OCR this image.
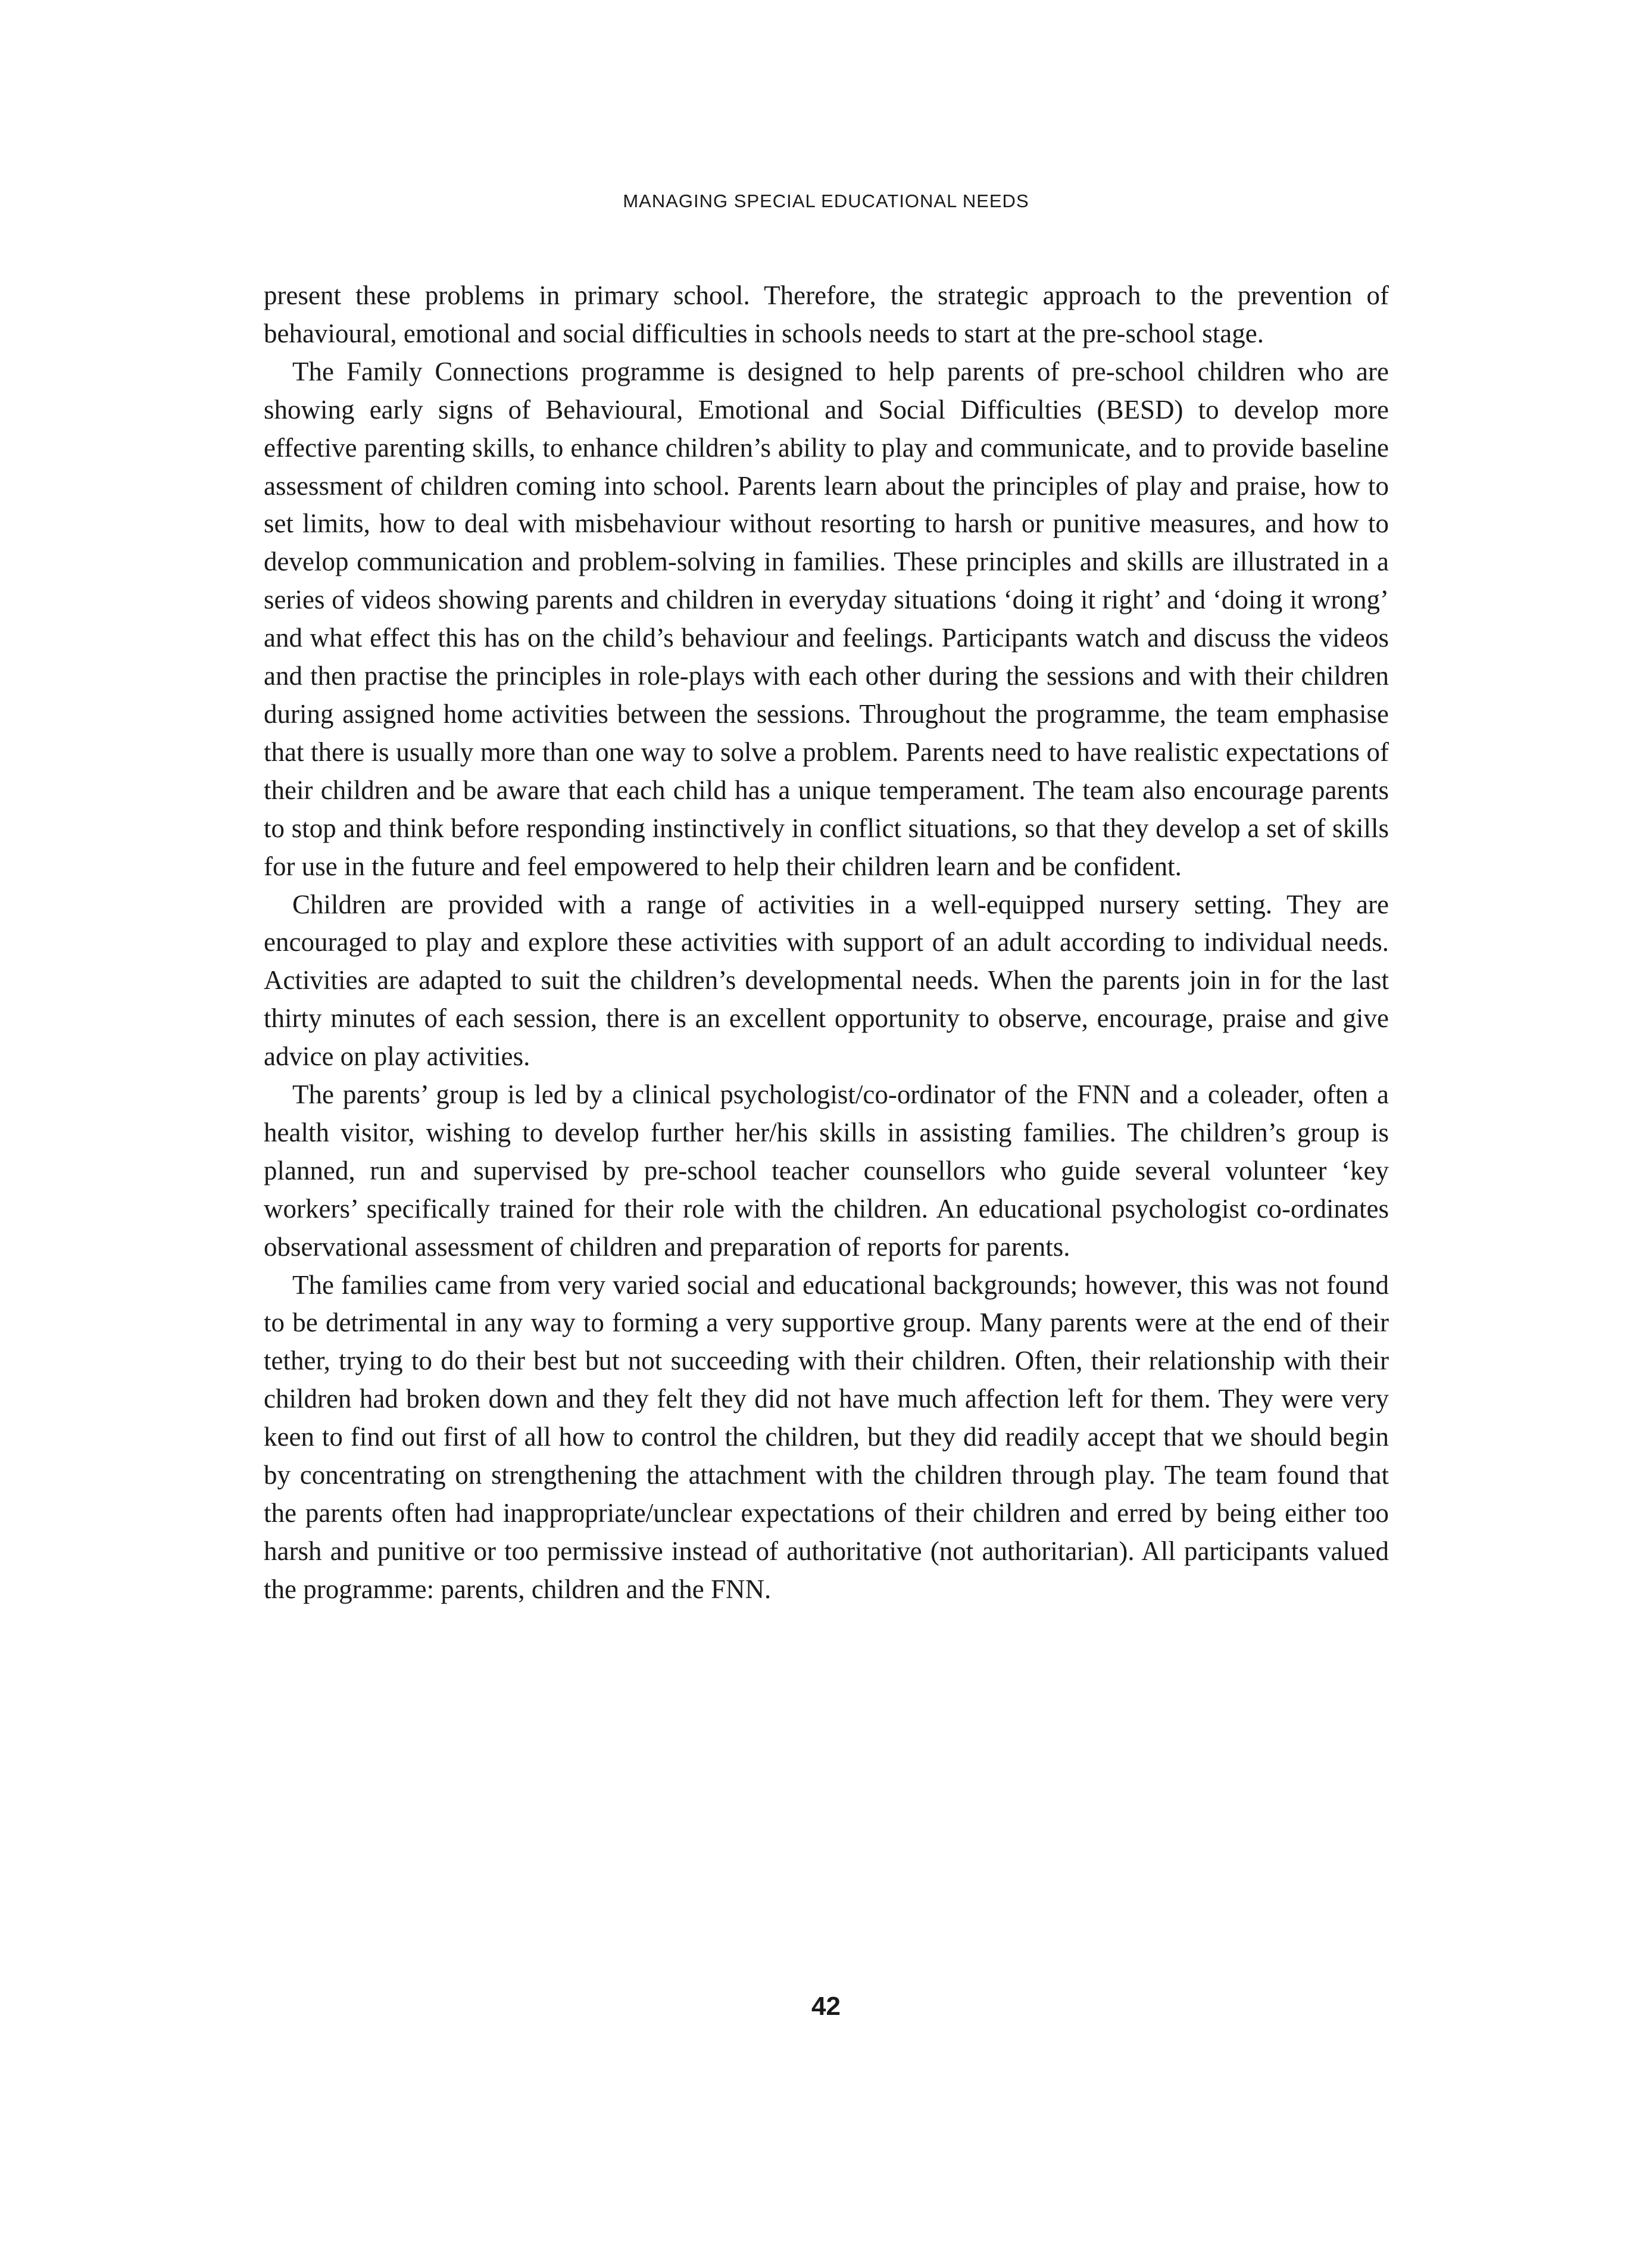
MANAGING SPECIAL EDUCATIONAL NEEDS

present these problems in primary school. Therefore, the strategic approach to the prevention of behavioural, emotional and social difficulties in schools needs to start at the pre-school stage.

The Family Connections programme is designed to help parents of pre-school children who are showing early signs of Behavioural, Emotional and Social Difficulties (BESD) to develop more effective parenting skills, to enhance children’s ability to play and communicate, and to provide baseline assessment of children coming into school. Parents learn about the principles of play and praise, how to set limits, how to deal with misbehaviour without resorting to harsh or punitive measures, and how to develop communication and problem-solving in families. These principles and skills are illustrated in a series of videos showing parents and children in everyday situations ‘doing it right’ and ‘doing it wrong’ and what effect this has on the child’s behaviour and feelings. Participants watch and discuss the videos and then practise the principles in role-plays with each other during the sessions and with their children during assigned home activities between the sessions. Throughout the programme, the team emphasise that there is usually more than one way to solve a problem. Parents need to have realistic expectations of their children and be aware that each child has a unique temperament. The team also encourage parents to stop and think before responding instinctively in conflict situations, so that they develop a set of skills for use in the future and feel empowered to help their children learn and be confident.

Children are provided with a range of activities in a well-equipped nursery setting. They are encouraged to play and explore these activities with support of an adult according to individual needs. Activities are adapted to suit the children’s developmental needs. When the parents join in for the last thirty minutes of each session, there is an excellent opportunity to observe, encourage, praise and give advice on play activities.

The parents’ group is led by a clinical psychologist/co-ordinator of the FNN and a coleader, often a health visitor, wishing to develop further her/his skills in assisting families. The children’s group is planned, run and supervised by pre-school teacher counsellors who guide several volunteer ‘key workers’ specifically trained for their role with the children. An educational psychologist co-ordinates observational assessment of children and preparation of reports for parents.

The families came from very varied social and educational backgrounds; however, this was not found to be detrimental in any way to forming a very supportive group. Many parents were at the end of their tether, trying to do their best but not succeeding with their children. Often, their relationship with their children had broken down and they felt they did not have much affection left for them. They were very keen to find out first of all how to control the children, but they did readily accept that we should begin by concentrating on strengthening the attachment with the children through play. The team found that the parents often had inappropriate/unclear expectations of their children and erred by being either too harsh and punitive or too permissive instead of authoritative (not authoritarian). All participants valued the programme: parents, children and the FNN.

42
